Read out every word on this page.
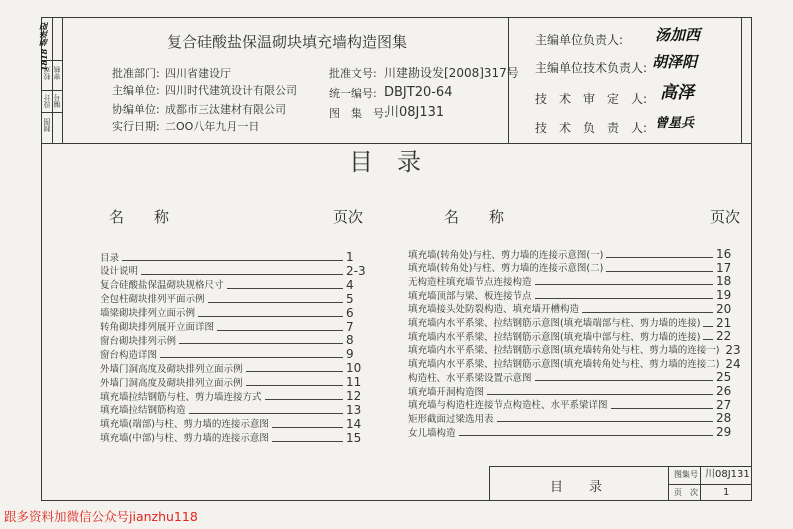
1818 胡泽阳
校对 审核
设计 编号
制图
复合硅酸盐保温砌块填充墙构造图集
批准部门: 四川省建设厅
主编单位: 四川时代建筑设计有限公司
协编单位: 成都市三汰建材有限公司
实行日期: 二OO八年九月一日
批准文号: 川建勘设发[2008]317号
统一编号: DBJT20-64
图　集　号:
川08J131
主编单位负责人: 汤加西
主编单位技术负责人: 胡泽阳
技　术　审　定　人: 高泽
技　术　负　责　人: 曾星兵
目　录
名　　称	页次	名　　称	页次
目录	1
设计说明	2-3
复合硅酸盐保温砌块规格尺寸	4
全包柱砌块排列平面示例	5
墙梁砌块排列立面示例	6
转角砌块排列展开立面详图	7
窗台砌块排列示例	8
窗台构造详图	9
外墙门洞高度及砌块排列立面示例	10
外墙门洞高度及砌块排列立面示例	11
填充墙拉结钢筋与柱、剪力墙连接方式	12
填充墙拉结钢筋构造	13
填充墙(端部)与柱、剪力墙的连接示意图	14
填充墙(中部)与柱、剪力墙的连接示意图	15
填充墙(转角处)与柱、剪力墙的连接示意图(一)	16
填充墙(转角处)与柱、剪力墙的连接示意图(二)	17
无构造柱填充墙节点连接构造	18
填充墙顶部与梁、板连接节点	19
填充墙接头处防裂构造、填充墙开槽构造	20
填充墙内水平系梁、拉结钢筋示意图(填充墙端部与柱、剪力墙的连接) 21
填充墙内水平系梁、拉结钢筋示意图(填充墙中部与柱、剪力墙的连接) 22
填充墙内水平系梁、拉结钢筋示意图(填充墙转角处与柱、剪力墙的连接一) 23
填充墙内水平系梁、拉结钢筋示意图(填充墙转角处与柱、剪力墙的连接二) 24
构造柱、水平系梁设置示意图	25
填充墙开洞构造图	26
填充墙与构造柱连接节点构造柱、水平系梁详图	27
矩形截面过梁选用表	28
女儿墙构造	29
目　　录
图集号 川08J131
页　次	1
跟多资料加微信公众号jianzhu118
